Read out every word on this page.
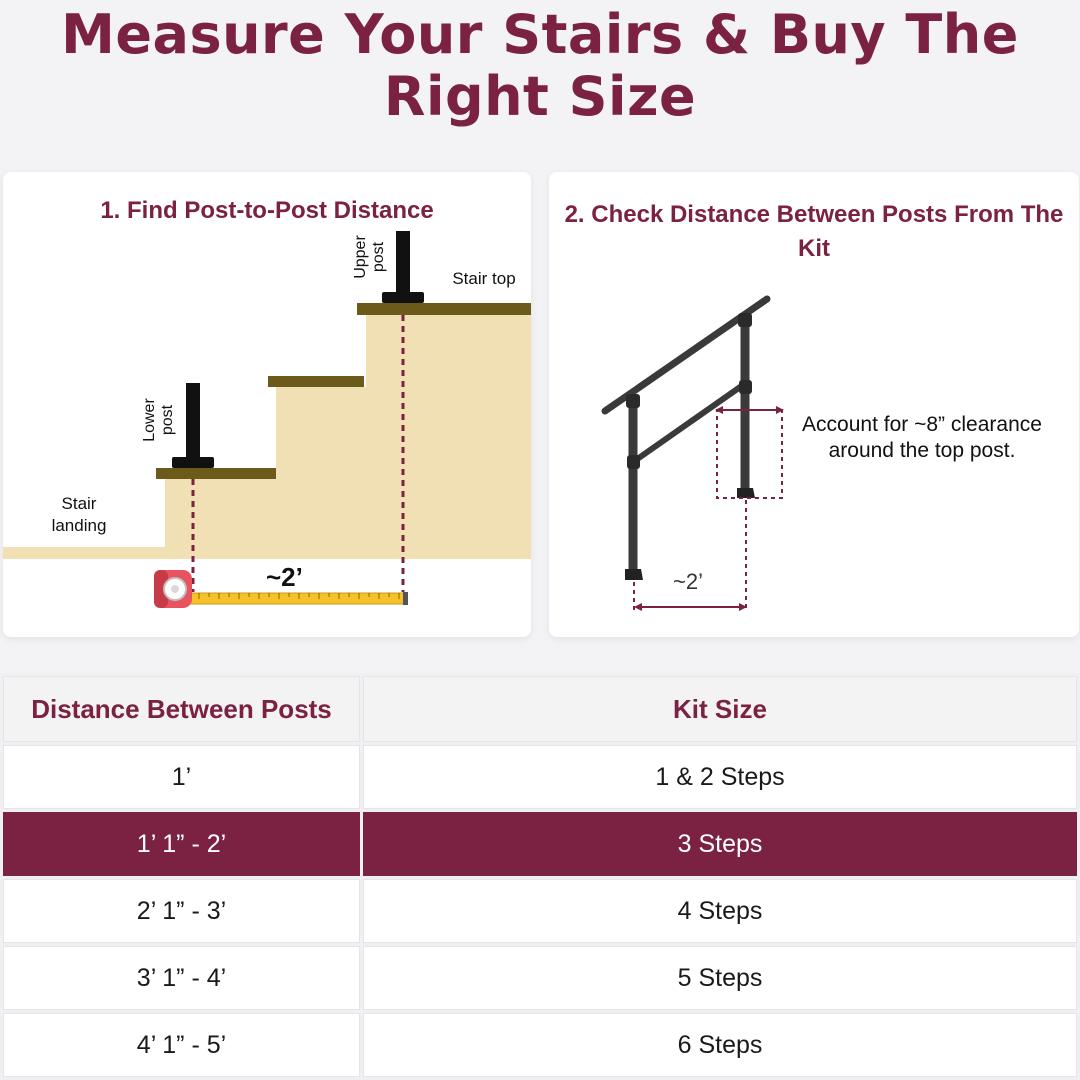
Measure Your Stairs & Buy The Right Size
1. Find Post-to-Post Distance
Upper post
Lower post
Stair top
Stair landing
~2’
2. Check Distance Between Posts From The Kit
Account for ~8” clearance around the top post.
~2’
Distance Between Posts	Kit Size
1’	1 & 2 Steps
1’ 1” - 2’	3 Steps
2’ 1” - 3’	4 Steps
3’ 1” - 4’	5 Steps
4’ 1” - 5’	6 Steps
